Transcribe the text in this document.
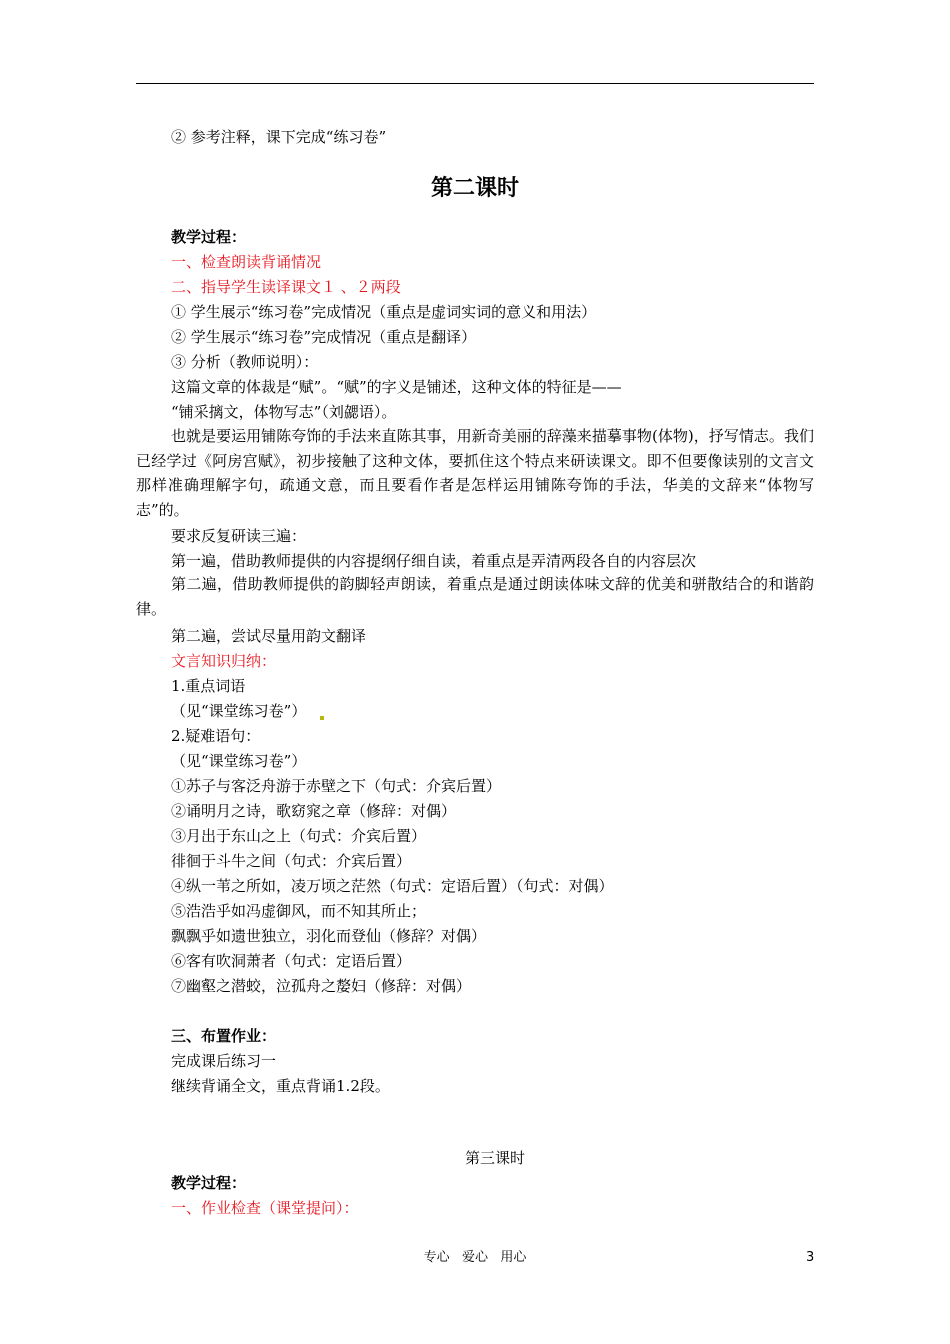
② 参考注释，课下完成“练习卷”
第二课时
教学过程：
一、检查朗读背诵情况
二、指导学生读译课文１ 、２两段
① 学生展示“练习卷”完成情况（重点是虚词实词的意义和用法）
② 学生展示“练习卷”完成情况（重点是翻译）
③ 分析（教师说明）：
这篇文章的体裁是“赋”。“赋”的字义是铺述，这种文体的特征是——
“铺采摛文，体物写志”（刘勰语）。
也就是要运用铺陈夸饰的手法来直陈其事，用新奇美丽的辞藻来描摹事物(体物)，抒写情志。我们已经学过《阿房宫赋》，初步接触了这种文体，要抓住这个特点来研读课文。即不但要像读别的文言文那样准确理解字句，疏通文意，而且要看作者是怎样运用铺陈夸饰的手法，华美的文辞来“体物写志”的。
要求反复研读三遍：
第一遍，借助教师提供的内容提纲仔细自读，着重点是弄清两段各自的内容层次
第二遍，借助教师提供的韵脚轻声朗读，着重点是通过朗读体味文辞的优美和骈散结合的和谐韵律。
第二遍，尝试尽量用韵文翻译
文言知识归纳：
1.重点词语
（见“课堂练习卷”）
2.疑难语句：
（见“课堂练习卷”）
①苏子与客泛舟游于赤壁之下（句式：介宾后置）
②诵明月之诗，歌窈窕之章（修辞：对偶）
③月出于东山之上（句式：介宾后置）
徘徊于斗牛之间（句式：介宾后置）
④纵一苇之所如，凌万顷之茫然（句式：定语后置）（句式：对偶）
⑤浩浩乎如冯虚御风，而不知其所止；
飘飘乎如遗世独立，羽化而登仙（修辞？对偶）
⑥客有吹洞萧者（句式：定语后置）
⑦幽壑之潜蛟，泣孤舟之嫠妇（修辞：对偶）
三、布置作业：
完成课后练习一
继续背诵全文，重点背诵1.2段。
第三课时
教学过程：
一、作业检查（课堂提问）：
专心   爱心   用心	3
